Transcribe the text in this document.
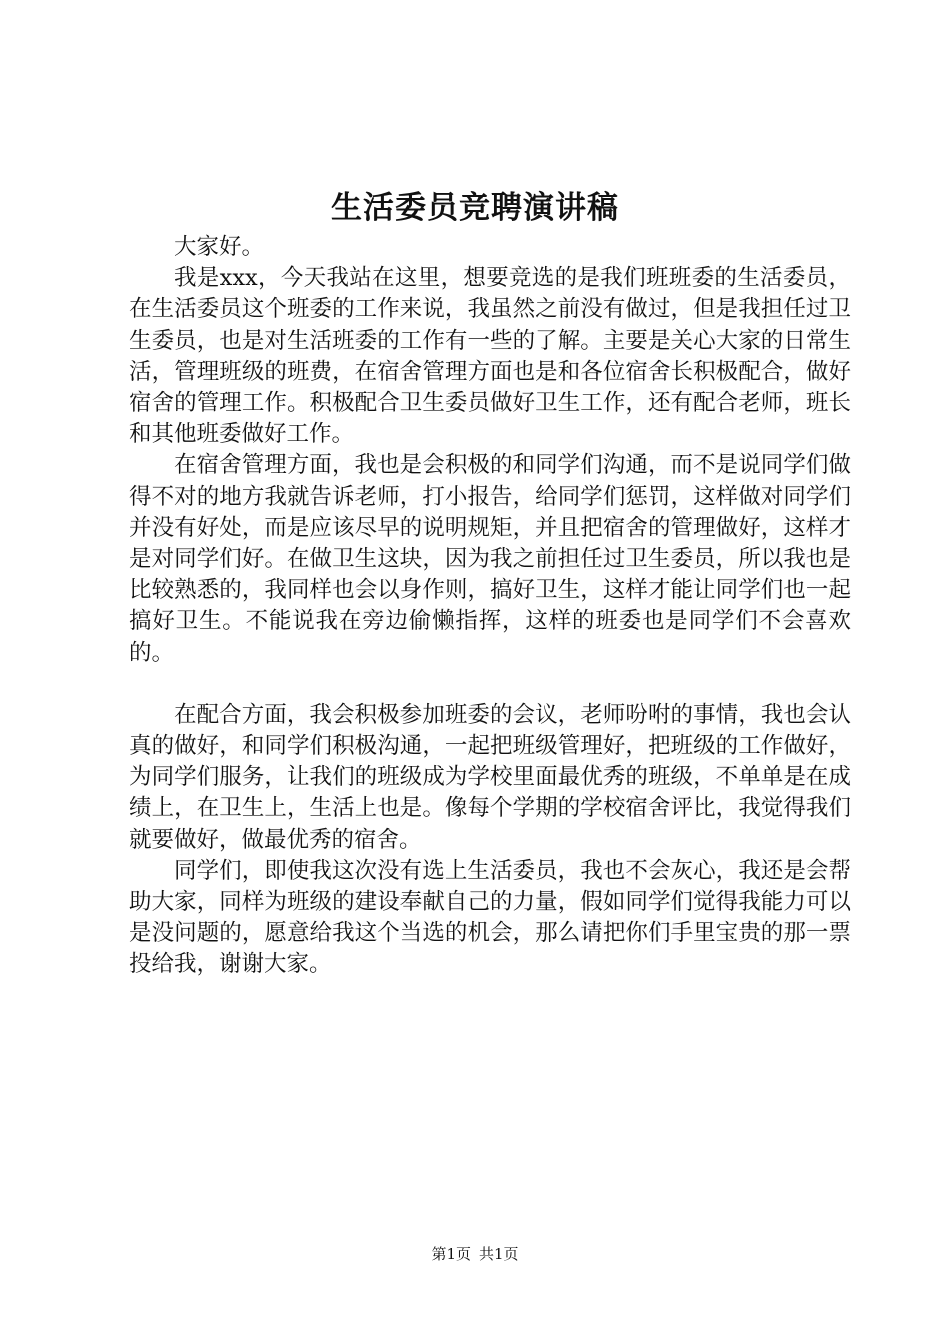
生活委员竞聘演讲稿

大家好。

我是xxx，今天我站在这里，想要竞选的是我们班班委的生活委员，在生活委员这个班委的工作来说，我虽然之前没有做过，但是我担任过卫生委员，也是对生活班委的工作有一些的了解。主要是关心大家的日常生活，管理班级的班费，在宿舍管理方面也是和各位宿舍长积极配合，做好宿舍的管理工作。积极配合卫生委员做好卫生工作，还有配合老师，班长和其他班委做好工作。

在宿舍管理方面，我也是会积极的和同学们沟通，而不是说同学们做得不对的地方我就告诉老师，打小报告，给同学们惩罚，这样做对同学们并没有好处，而是应该尽早的说明规矩，并且把宿舍的管理做好，这样才是对同学们好。在做卫生这块，因为我之前担任过卫生委员，所以我也是比较熟悉的，我同样也会以身作则，搞好卫生，这样才能让同学们也一起搞好卫生。不能说我在旁边偷懒指挥，这样的班委也是同学们不会喜欢的。

在配合方面，我会积极参加班委的会议，老师吩咐的事情，我也会认真的做好，和同学们积极沟通，一起把班级管理好，把班级的工作做好，为同学们服务，让我们的班级成为学校里面最优秀的班级，不单单是在成绩上，在卫生上，生活上也是。像每个学期的学校宿舍评比，我觉得我们就要做好，做最优秀的宿舍。

同学们，即使我这次没有选上生活委员，我也不会灰心，我还是会帮助大家，同样为班级的建设奉献自己的力量，假如同学们觉得我能力可以是没问题的，愿意给我这个当选的机会，那么请把你们手里宝贵的那一票投给我，谢谢大家。

第1页 共1页
